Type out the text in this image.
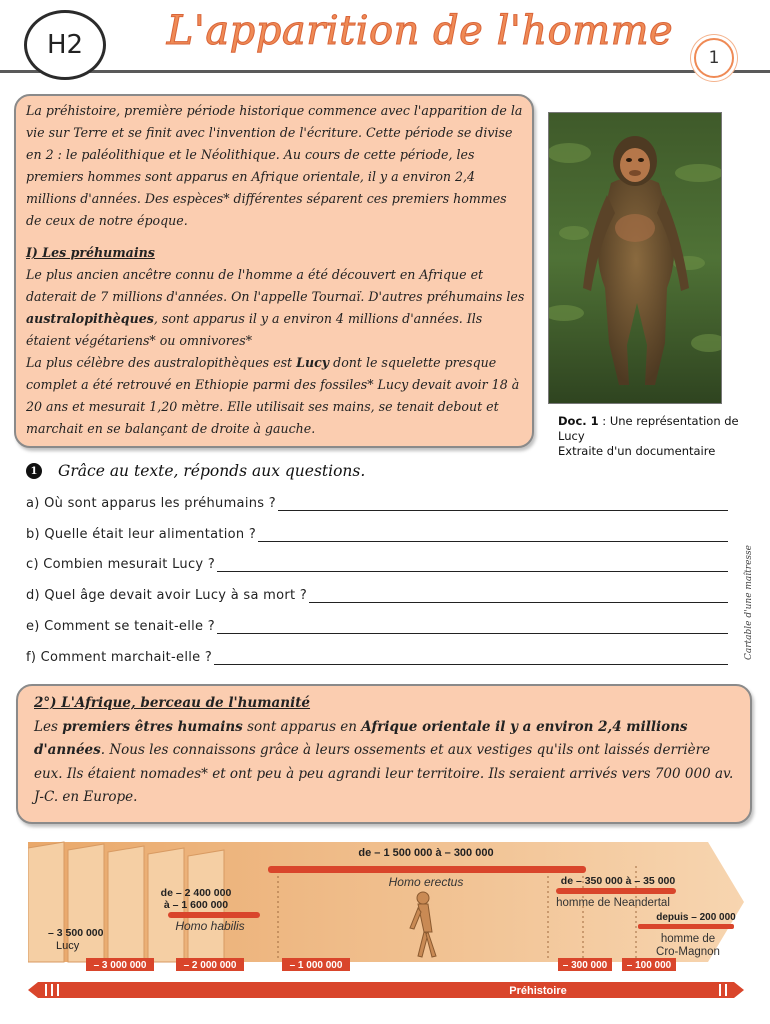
H2	L'apparition de l'homme
1

La préhistoire, première période historique commence avec l'apparition de la vie sur Terre et se finit avec l'invention de l'écriture. Cette période se divise en 2 : le paléolithique et le Néolithique. Au cours de cette période, les premiers hommes sont apparus en Afrique orientale, il y a environ 2,4 millions d'années. Des espèces* différentes séparent ces premiers hommes de ceux de notre époque.

I) Les préhumains

Le plus ancien ancêtre connu de l'homme a été découvert en Afrique et daterait de 7 millions d'années. On l'appelle Tournaï. D'autres préhumains les australopithèques, sont apparus il y a environ 4 millions d'années. Ils étaient végétariens* ou omnivores*

La plus célèbre des australopithèques est Lucy dont le squelette presque complet a été retrouvé en Ethiopie parmi des fossiles* Lucy devait avoir 18 à 20 ans et mesurait 1,20 mètre. Elle utilisait ses mains, se tenait debout et marchait en se balançant de droite à gauche.	Doc. 1 : Une représentation de Lucy
Extraite d'un documentaire
1 Grâce au texte, réponds aux questions.
a) Où sont apparus les préhumains ?
b) Quelle était leur alimentation ?
c) Combien mesurait Lucy ?
d) Quel âge devait avoir Lucy à sa mort ?
e) Comment se tenait-elle ?
f) Comment marchait-elle ?	Cartable d'une maîtresse

2°) L'Afrique, berceau de l'humanité

Les premiers êtres humains sont apparus en Afrique orientale il y a environ 2,4 millions d'années. Nous les connaissons grâce à leurs ossements et aux vestiges qu'ils ont laissés derrière eux. Ils étaient nomades* et ont peu à peu agrandi leur territoire. Ils seraient arrivés vers 700 000 av. J-C. en Europe.

de – 1 500 000 à – 300 000
Homo erectus
de – 2 400 000
à – 1 600 000
Homo habilis
– 3 500 000
Lucy
de – 350 000 à – 35 000
homme de Neandertal
depuis – 200 000
homme de
Cro-Magnon
– 3 000 000	– 2 000 000	– 1 000 000	– 300 000 – 100 000
Préhistoire
